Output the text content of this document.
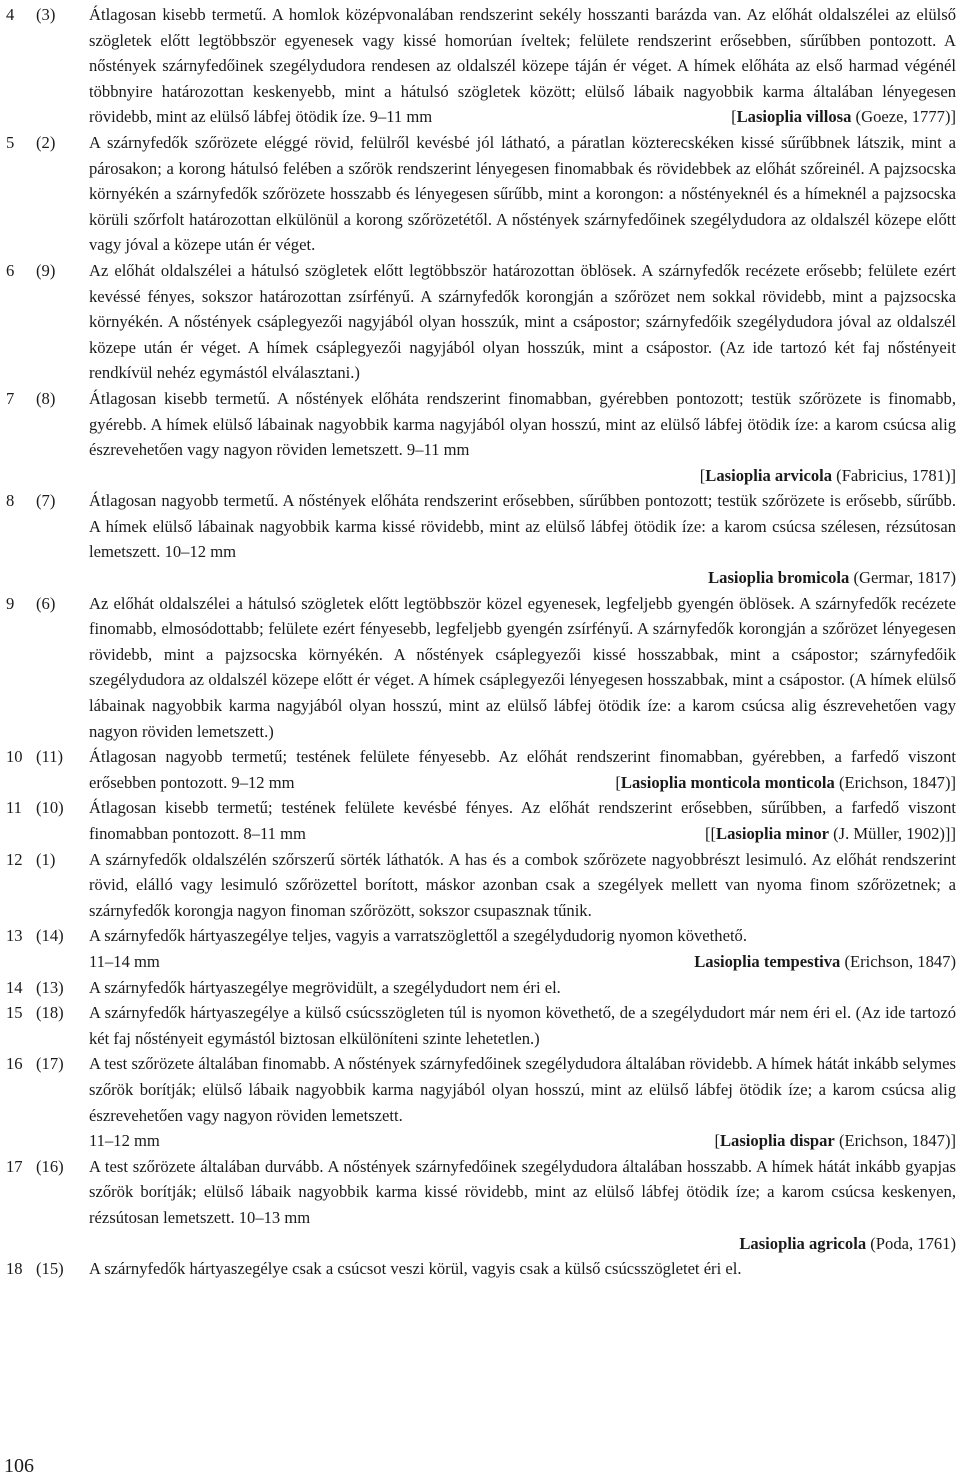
4	(3)	Átlagosan kisebb termetű. A homlok középvonalában rendszerint sekély hosszanti barázda van. Az előhát oldalszélei az elülső szögletek előtt legtöbbször egyenesek vagy kissé homorúan íveltek; felülete rendszerint erősebben, sűrűbben pontozott. A nőstények szárnyfedőinek szegélydudora rendesen az oldalszél közepe táján ér véget. A hímek előháta az első harmad végénél többnyire határozottan keskenyebb, mint a hátulsó szögletek között; elülső lábaik nagyobbik karma általában lényegesen rövidebb, mint az elülső lábfej ötödik íze. 9–11 mm	[Lasioplia villosa (Goeze, 1777)]
5	(2)	A szárnyfedők szőrözete eléggé rövid, felülről kevésbé jól látható, a páratlan közterecskéken kissé sűrűbbnek látszik, mint a párosakon; a korong hátulsó felében a szőrök rendszerint lényegesen finomabbak és rövidebbek az előhát szőreinél. A pajzsocska környékén a szárnyfedők szőrözete hosszabb és lényegesen sűrűbb, mint a korongon: a nőstényeknél és a hímeknél a pajzsocska körüli szőrfolt határozottan elkülönül a korong szőrözetétől. A nőstények szárnyfedőinek szegélydudora az oldalszél közepe előtt vagy jóval a közepe után ér véget.
6	(9)	Az előhát oldalszélei a hátulsó szögletek előtt legtöbbször határozottan öblösek. A szárnyfedők recézete erősebb; felülete ezért kevéssé fényes, sokszor határozottan zsírfényű. A szárnyfedők korongján a szőrözet nem sokkal rövidebb, mint a pajzsocska környékén. A nőstények csáplegyezői nagyjából olyan hosszúk, mint a csápostor; szárnyfedőik szegélydudora jóval az oldalszél közepe után ér véget. A hímek csáplegyezői nagyjából olyan hosszúk, mint a csápostor. (Az ide tartozó két faj nőstényeit rendkívül nehéz egymástól elválasztani.)
7	(8)	Átlagosan kisebb termetű. A nőstények előháta rendszerint finomabban, gyérebben pontozott; testük szőrözete is finomabb, gyérebb. A hímek elülső lábainak nagyobbik karma nagyjából olyan hosszú, mint az elülső lábfej ötödik íze: a karom csúcsa alig észrevehetően vagy nagyon röviden lemetszett. 9–11 mm
[Lasioplia arvicola (Fabricius, 1781)]
8	(7)	Átlagosan nagyobb termetű. A nőstények előháta rendszerint erősebben, sűrűbben pontozott; testük szőrözete is erősebb, sűrűbb. A hímek elülső lábainak nagyobbik karma kissé rövidebb, mint az elülső lábfej ötödik íze: a karom csúcsa szélesen, rézsútosan lemetszett. 10–12 mm
Lasioplia bromicola (Germar, 1817)
9	(6)	Az előhát oldalszélei a hátulsó szögletek előtt legtöbbször közel egyenesek, legfeljebb gyengén öblösek. A szárnyfedők recézete finomabb, elmosódottabb; felülete ezért fényesebb, legfeljebb gyengén zsírfényű. A szárnyfedők korongján a szőrözet lényegesen rövidebb, mint a pajzsocska környékén. A nőstények csáplegyezői kissé hosszabbak, mint a csápostor; szárnyfedőik szegélydudora az oldalszél közepe előtt ér véget. A hímek csáplegyezői lényegesen hosszabbak, mint a csápostor. (A hímek elülső lábainak nagyobbik karma nagyjából olyan hosszú, mint az elülső lábfej ötödik íze: a karom csúcsa alig észrevehetően vagy nagyon röviden lemetszett.)
10 (11)	Átlagosan nagyobb termetű; testének felülete fényesebb. Az előhát rendszerint finomabban, gyérebben, a farfedő viszont erősebben pontozott. 9–12 mm	[Lasioplia monticola monticola (Erichson, 1847)]
11 (10)	Átlagosan kisebb termetű; testének felülete kevésbé fényes. Az előhát rendszerint erősebben, sűrűbben, a farfedő viszont finomabban pontozott. 8–11 mm	[[Lasioplia minor (J. Müller, 1902)]]
12 (1)	A szárnyfedők oldalszélén szőrszerű sörték láthatók. A has és a combok szőrözete nagyobbrészt lesimuló. Az előhát rendszerint rövid, elálló vagy lesimuló szőrözettel borított, máskor azonban csak a szegélyek mellett van nyoma finom szőrözetnek; a szárnyfedők korongja nagyon finoman szőrözött, sokszor csupasznak tűnik.
13 (14)	A szárnyfedők hártyaszegélye teljes, vagyis a varratszöglettől a szegélydudorig nyomon követhető.
11–14 mm	Lasioplia tempestiva (Erichson, 1847)
14 (13)	A szárnyfedők hártyaszegélye megrövidült, a szegélydudort nem éri el.
15 (18)	A szárnyfedők hártyaszegélye a külső csúcsszögleten túl is nyomon követhető, de a szegélydudort már nem éri el. (Az ide tartozó két faj nőstényeit egymástól biztosan elkülöníteni szinte lehetetlen.)
16 (17)	A test szőrözete általában finomabb. A nőstények szárnyfedőinek szegélydudora általában rövidebb. A hímek hátát inkább selymes szőrök borítják; elülső lábaik nagyobbik karma nagyjából olyan hosszú, mint az elülső lábfej ötödik íze; a karom csúcsa alig észrevehetően vagy nagyon röviden lemetszett.
11–12 mm	[Lasioplia dispar (Erichson, 1847)]
17 (16)	A test szőrözete általában durvább. A nőstények szárnyfedőinek szegélydudora általában hosszabb. A hímek hátát inkább gyapjas szőrök borítják; elülső lábaik nagyobbik karma kissé rövidebb, mint az elülső lábfej ötödik íze; a karom csúcsa keskenyen, rézsútosan lemetszett. 10–13 mm
Lasioplia agricola (Poda, 1761)
18 (15)	A szárnyfedők hártyaszegélye csak a csúcsot veszi körül, vagyis csak a külső csúcsszögletet éri el.
106
